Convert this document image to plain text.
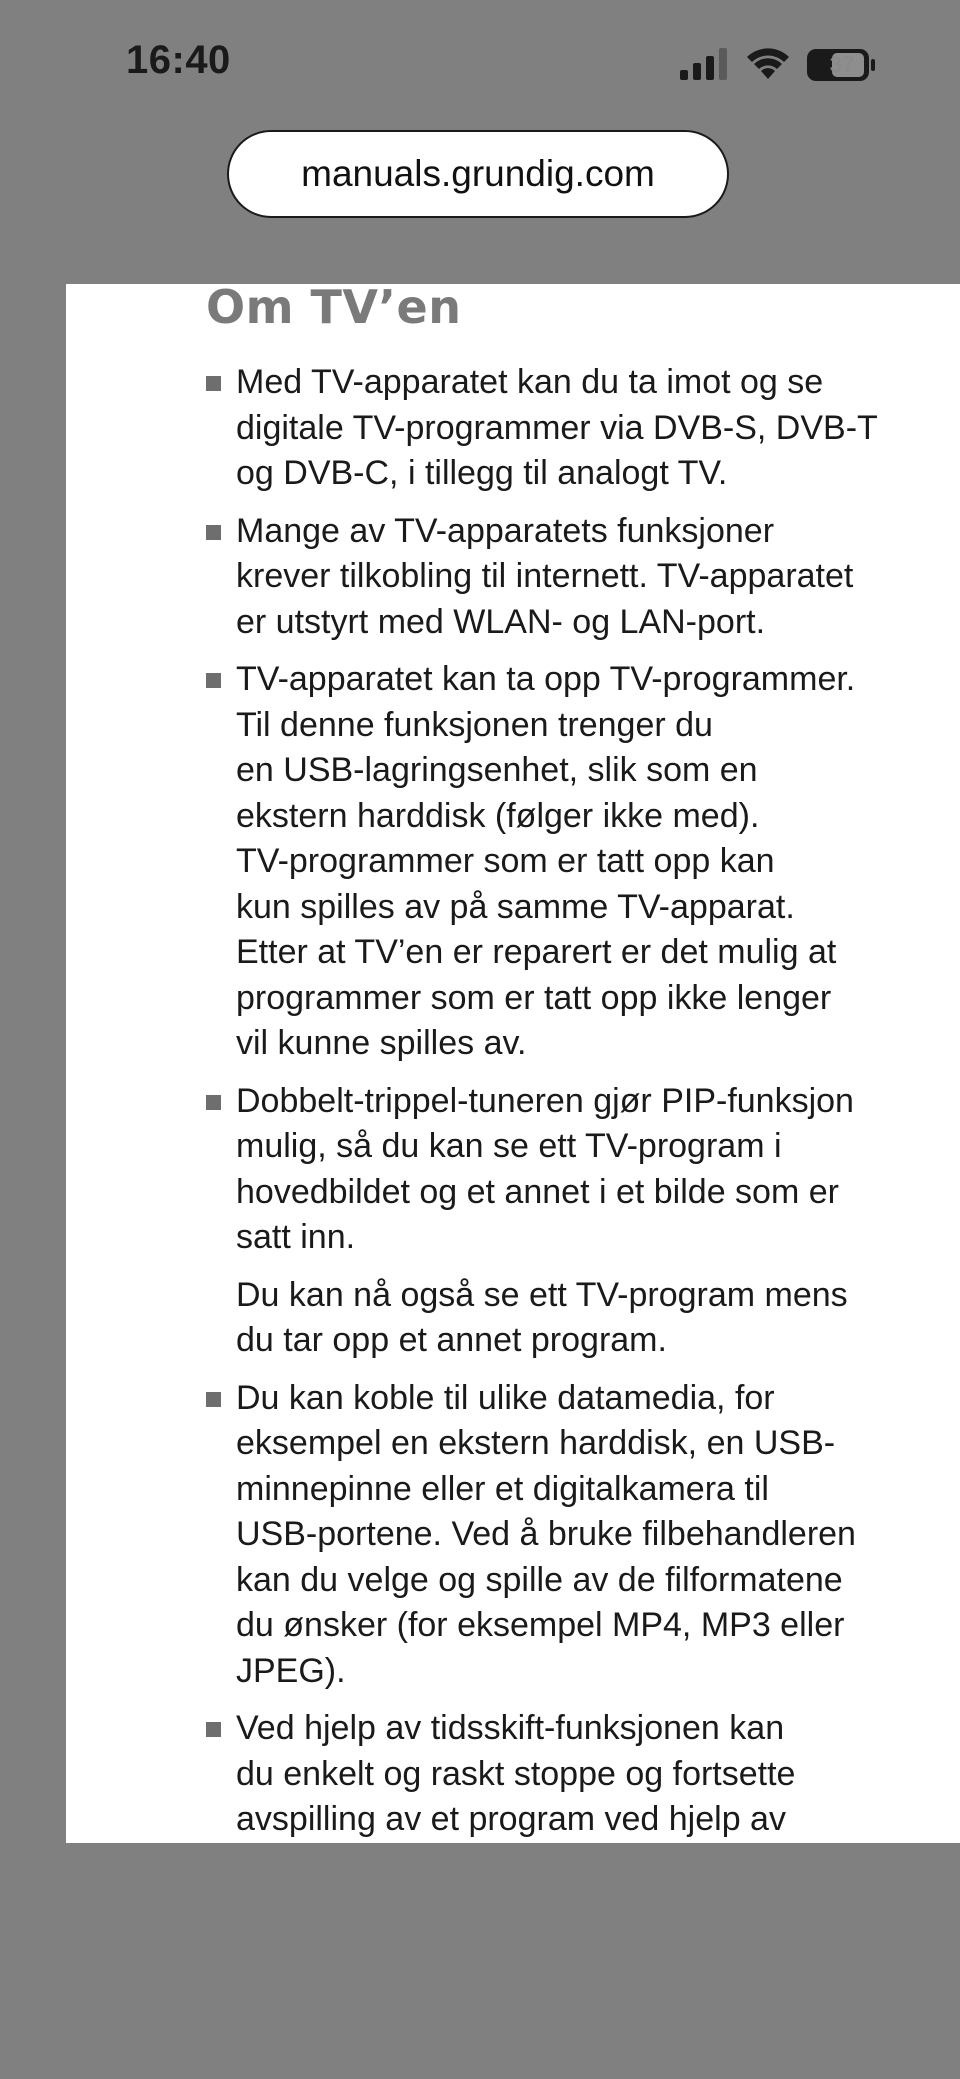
16:40	37
manuals.grundig.com
Om TV’en
Med TV-apparatet kan du ta imot og se
digitale TV-programmer via DVB-S, DVB-T
og DVB-C, i tillegg til analogt TV.
Mange av TV-apparatets funksjoner
krever tilkobling til internett. TV-apparatet
er utstyrt med WLAN- og LAN-port.
TV-apparatet kan ta opp TV-programmer.
Til denne funksjonen trenger du
en USB-lagringsenhet, slik som en
ekstern harddisk (følger ikke med).
TV-programmer som er tatt opp kan
kun spilles av på samme TV-apparat.
Etter at TV’en er reparert er det mulig at
programmer som er tatt opp ikke lenger
vil kunne spilles av.
Dobbelt-trippel-tuneren gjør PIP-funksjon
mulig, så du kan se ett TV-program i
hovedbildet og et annet i et bilde som er
satt inn.
Du kan nå også se ett TV-program mens
du tar opp et annet program.
Du kan koble til ulike datamedia, for
eksempel en ekstern harddisk, en USB-
minnepinne eller et digitalkamera til
USB-portene. Ved å bruke filbehandleren
kan du velge og spille av de filformatene
du ønsker (for eksempel MP4, MP3 eller
JPEG).
Ved hjelp av tidsskift-funksjonen kan
du enkelt og raskt stoppe og fortsette
avspilling av et program ved hjelp av
